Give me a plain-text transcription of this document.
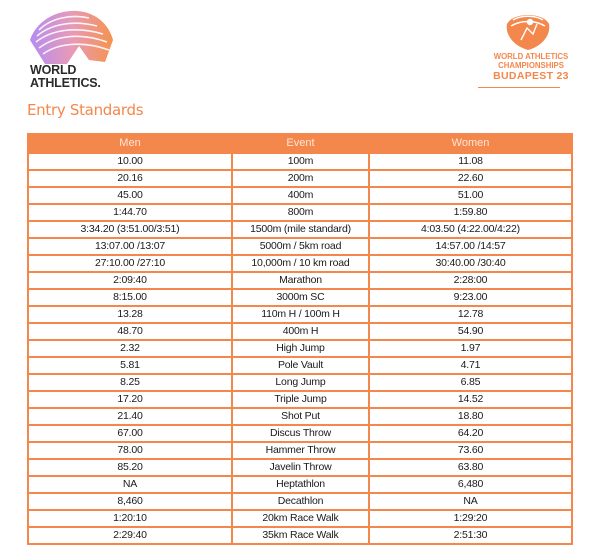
WORLD
ATHLETICS.
WORLD ATHLETICS
CHAMPIONSHIPS
BUDAPEST 23
Entry Standards
Men	Event	Women
10.00	100m	11.08
20.16	200m	22.60
45.00	400m	51.00
1:44.70	800m	1:59.80
3:34.20 (3:51.00/3:51)	1500m (mile standard)	4:03.50 (4:22.00/4:22)
13:07.00 /13:07	5000m / 5km road	14:57.00 /14:57
27:10.00 /27:10	10,000m / 10 km road	30:40.00 /30:40
2:09:40	Marathon	2:28:00
8:15.00	3000m SC	9:23.00
13.28	110m H / 100m H	12.78
48.70	400m H	54.90
2.32	High Jump	1.97
5.81	Pole Vault	4.71
8.25	Long Jump	6.85
17.20	Triple Jump	14.52
21.40	Shot Put	18.80
67.00	Discus Throw	64.20
78.00	Hammer Throw	73.60
85.20	Javelin Throw	63.80
NA	Heptathlon	6,480
8,460	Decathlon	NA
1:20:10	20km Race Walk	1:29:20
2:29:40	35km Race Walk	2:51:30
